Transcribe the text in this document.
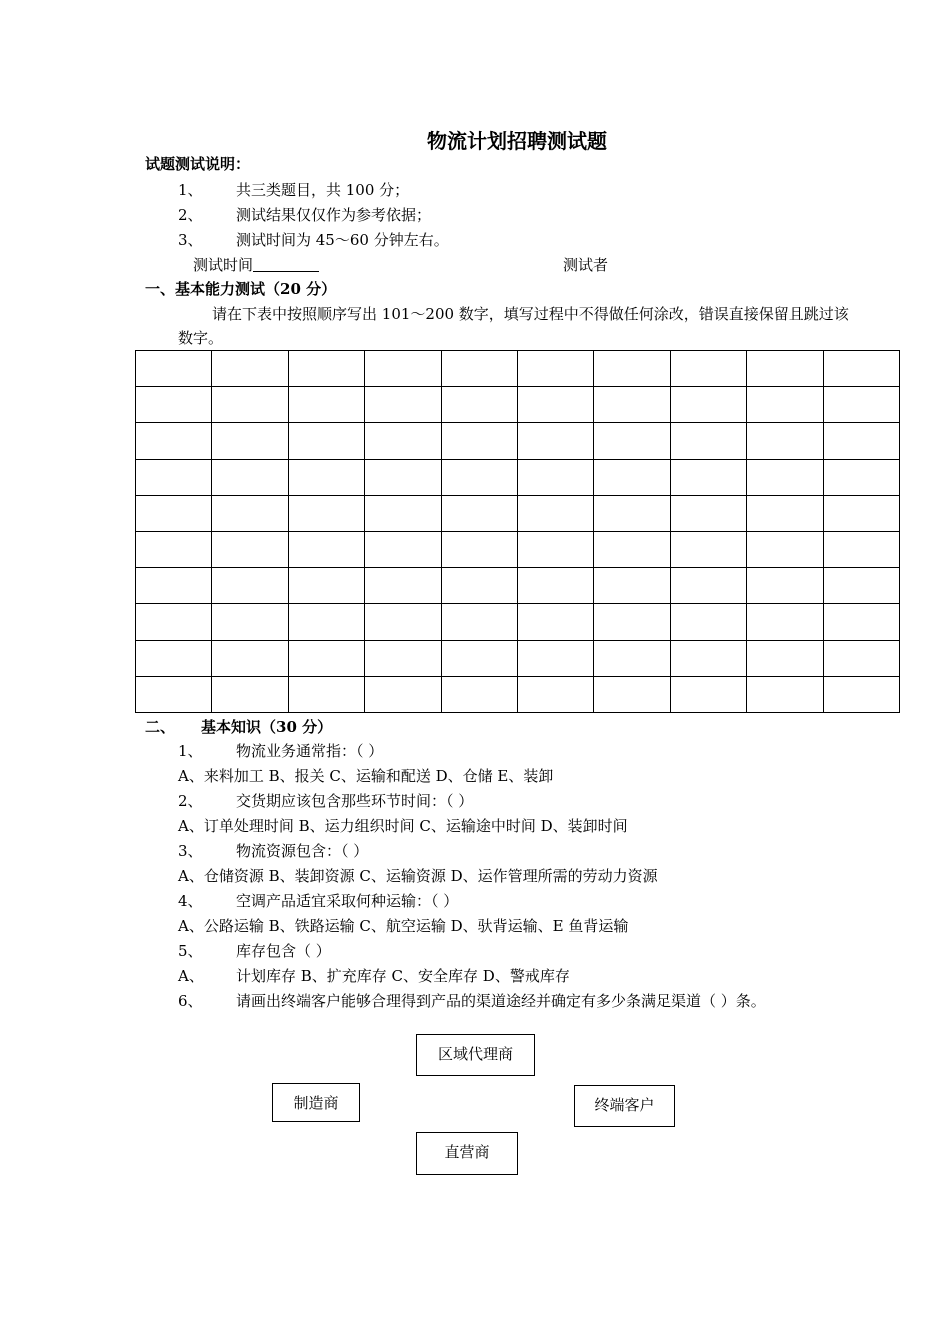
物流计划招聘测试题
试题测试说明：
1、 共三类题目，共 100 分；
2、 测试结果仅仅作为参考依据；
3、 测试时间为 45～60 分钟左右。
测试时间	测试者
一、基本能力测试（20 分）
请在下表中按照顺序写出 101～200 数字，填写过程中不得做任何涂改，错误直接保留且跳过该
数字。

二、 基本知识（30 分）
1、 物流业务通常指：（ ）
A、来料加工 B、报关 C、运输和配送 D、仓储 E、装卸
2、 交货期应该包含那些环节时间：（ ）
A、订单处理时间 B、运力组织时间 C、运输途中时间 D、装卸时间
3、 物流资源包含：（ ）
A、仓储资源 B、装卸资源 C、运输资源 D、运作管理所需的劳动力资源
4、 空调产品适宜采取何种运输：（ ）
A、公路运输 B、铁路运输 C、航空运输 D、驮背运输、E 鱼背运输
5、 库存包含（ ）
A、 计划库存 B、扩充库存 C、安全库存 D、警戒库存
6、 请画出终端客户能够合理得到产品的渠道途经并确定有多少条满足渠道（ ）条。
区域代理商
制造商	终端客户
直营商
